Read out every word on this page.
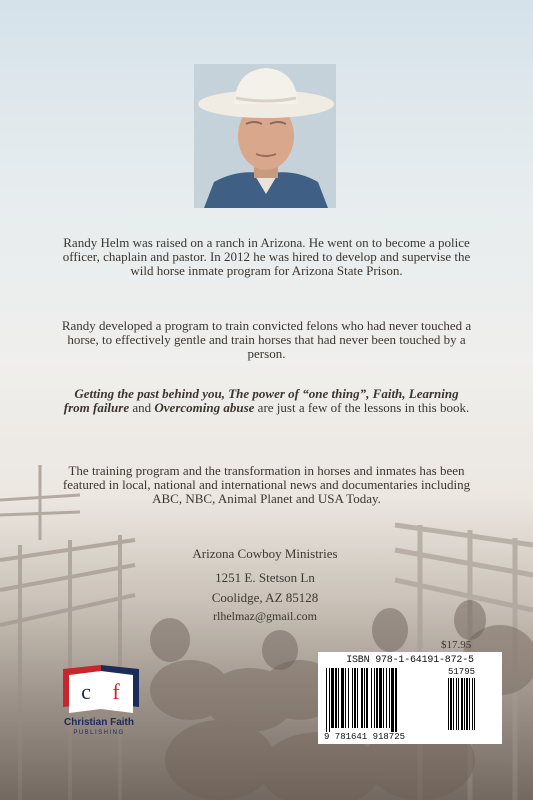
Randy Helm was raised on a ranch in Arizona. He went on to become a police officer, chaplain and pastor. In 2012 he was hired to develop and supervise the wild horse inmate program for Arizona State Prison.

Randy developed a program to train convicted felons who had never touched a horse, to effectively gentle and train horses that had never been touched by a person.

Getting the past behind you, The power of “one thing”, Faith, Learning from failure and Overcoming abuse are just a few of the lessons in this book.

The training program and the transformation in horses and inmates has been featured in local, national and international news and documentaries including ABC, NBC, Animal Planet and USA Today.

Arizona Cowboy Ministries

1251 E. Stetson Ln

Coolidge, AZ 85128

rlhelmaz@gmail.com

$17.95
ISBN 978-1-64191-872-5
51795
9 781641 918725
c f
Christian Faith
PUBLISHING
